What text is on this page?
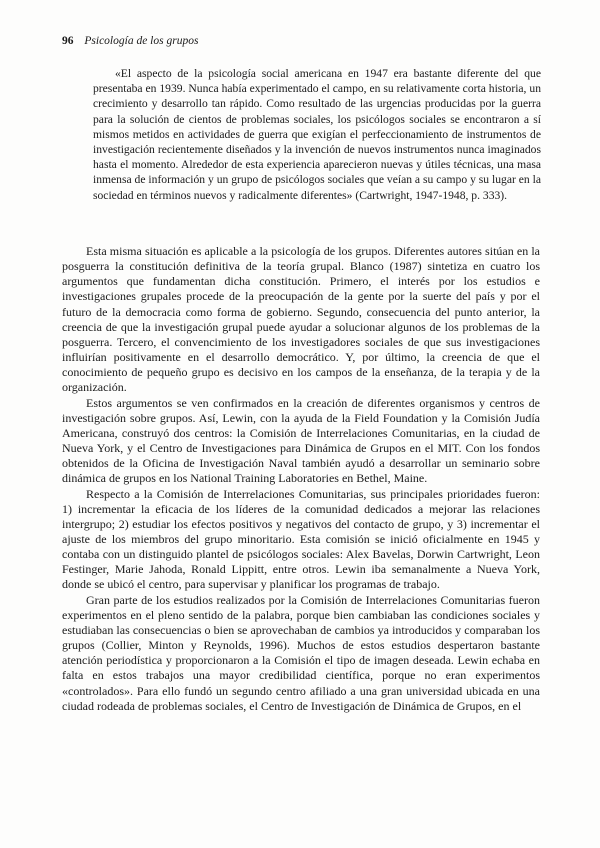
96 Psicología de los grupos

«El aspecto de la psicología social americana en 1947 era bastante diferente del que presentaba en 1939. Nunca había experimentado el campo, en su relativamente corta historia, un crecimiento y desarrollo tan rápido. Como resultado de las urgencias producidas por la guerra para la solución de cientos de problemas sociales, los psicólogos sociales se encontraron a sí mismos metidos en actividades de guerra que exigían el perfeccionamiento de instrumentos de investigación recientemente diseñados y la invención de nuevos instrumentos nunca imaginados hasta el momento. Alrededor de esta experiencia aparecieron nuevas y útiles técnicas, una masa inmensa de información y un grupo de psicólogos sociales que veían a su campo y su lugar en la sociedad en términos nuevos y radicalmente diferentes» (Cartwright, 1947-1948, p. 333).

Esta misma situación es aplicable a la psicología de los grupos. Diferentes autores sitúan en la posguerra la constitución definitiva de la teoría grupal. Blanco (1987) sintetiza en cuatro los argumentos que fundamentan dicha constitución. Primero, el interés por los estudios e investigaciones grupales procede de la preocupación de la gente por la suerte del país y por el futuro de la democracia como forma de gobierno. Segundo, consecuencia del punto anterior, la creencia de que la investigación grupal puede ayudar a solucionar algunos de los problemas de la posguerra. Tercero, el convencimiento de los investigadores sociales de que sus investigaciones influirían positivamente en el desarrollo democrático. Y, por último, la creencia de que el conocimiento de pequeño grupo es decisivo en los campos de la enseñanza, de la terapia y de la organización.

Estos argumentos se ven confirmados en la creación de diferentes organismos y centros de investigación sobre grupos. Así, Lewin, con la ayuda de la Field Foundation y la Comisión Judía Americana, construyó dos centros: la Comisión de Interrelaciones Comunitarias, en la ciudad de Nueva York, y el Centro de Investigaciones para Dinámica de Grupos en el MIT. Con los fondos obtenidos de la Oficina de Investigación Naval también ayudó a desarrollar un seminario sobre dinámica de grupos en los National Training Laboratories en Bethel, Maine.

Respecto a la Comisión de Interrelaciones Comunitarias, sus principales prioridades fueron: 1) incrementar la eficacia de los líderes de la comunidad dedicados a mejorar las relaciones intergrupo; 2) estudiar los efectos positivos y negativos del contacto de grupo, y 3) incrementar el ajuste de los miembros del grupo minoritario. Esta comisión se inició oficialmente en 1945 y contaba con un distinguido plantel de psicólogos sociales: Alex Bavelas, Dorwin Cartwright, Leon Festinger, Marie Jahoda, Ronald Lippitt, entre otros. Lewin iba semanalmente a Nueva York, donde se ubicó el centro, para supervisar y planificar los programas de trabajo.

Gran parte de los estudios realizados por la Comisión de Interrelaciones Comunitarias fueron experimentos en el pleno sentido de la palabra, porque bien cambiaban las condiciones sociales y estudiaban las consecuencias o bien se aprovechaban de cambios ya introducidos y comparaban los grupos (Collier, Minton y Reynolds, 1996). Muchos de estos estudios despertaron bastante atención periodística y proporcionaron a la Comisión el tipo de imagen deseada. Lewin echaba en falta en estos trabajos una mayor credibilidad científica, porque no eran experimentos «controlados». Para ello fundó un segundo centro afiliado a una gran universidad ubicada en una ciudad rodeada de problemas sociales, el Centro de Investigación de Dinámica de Grupos, en el
